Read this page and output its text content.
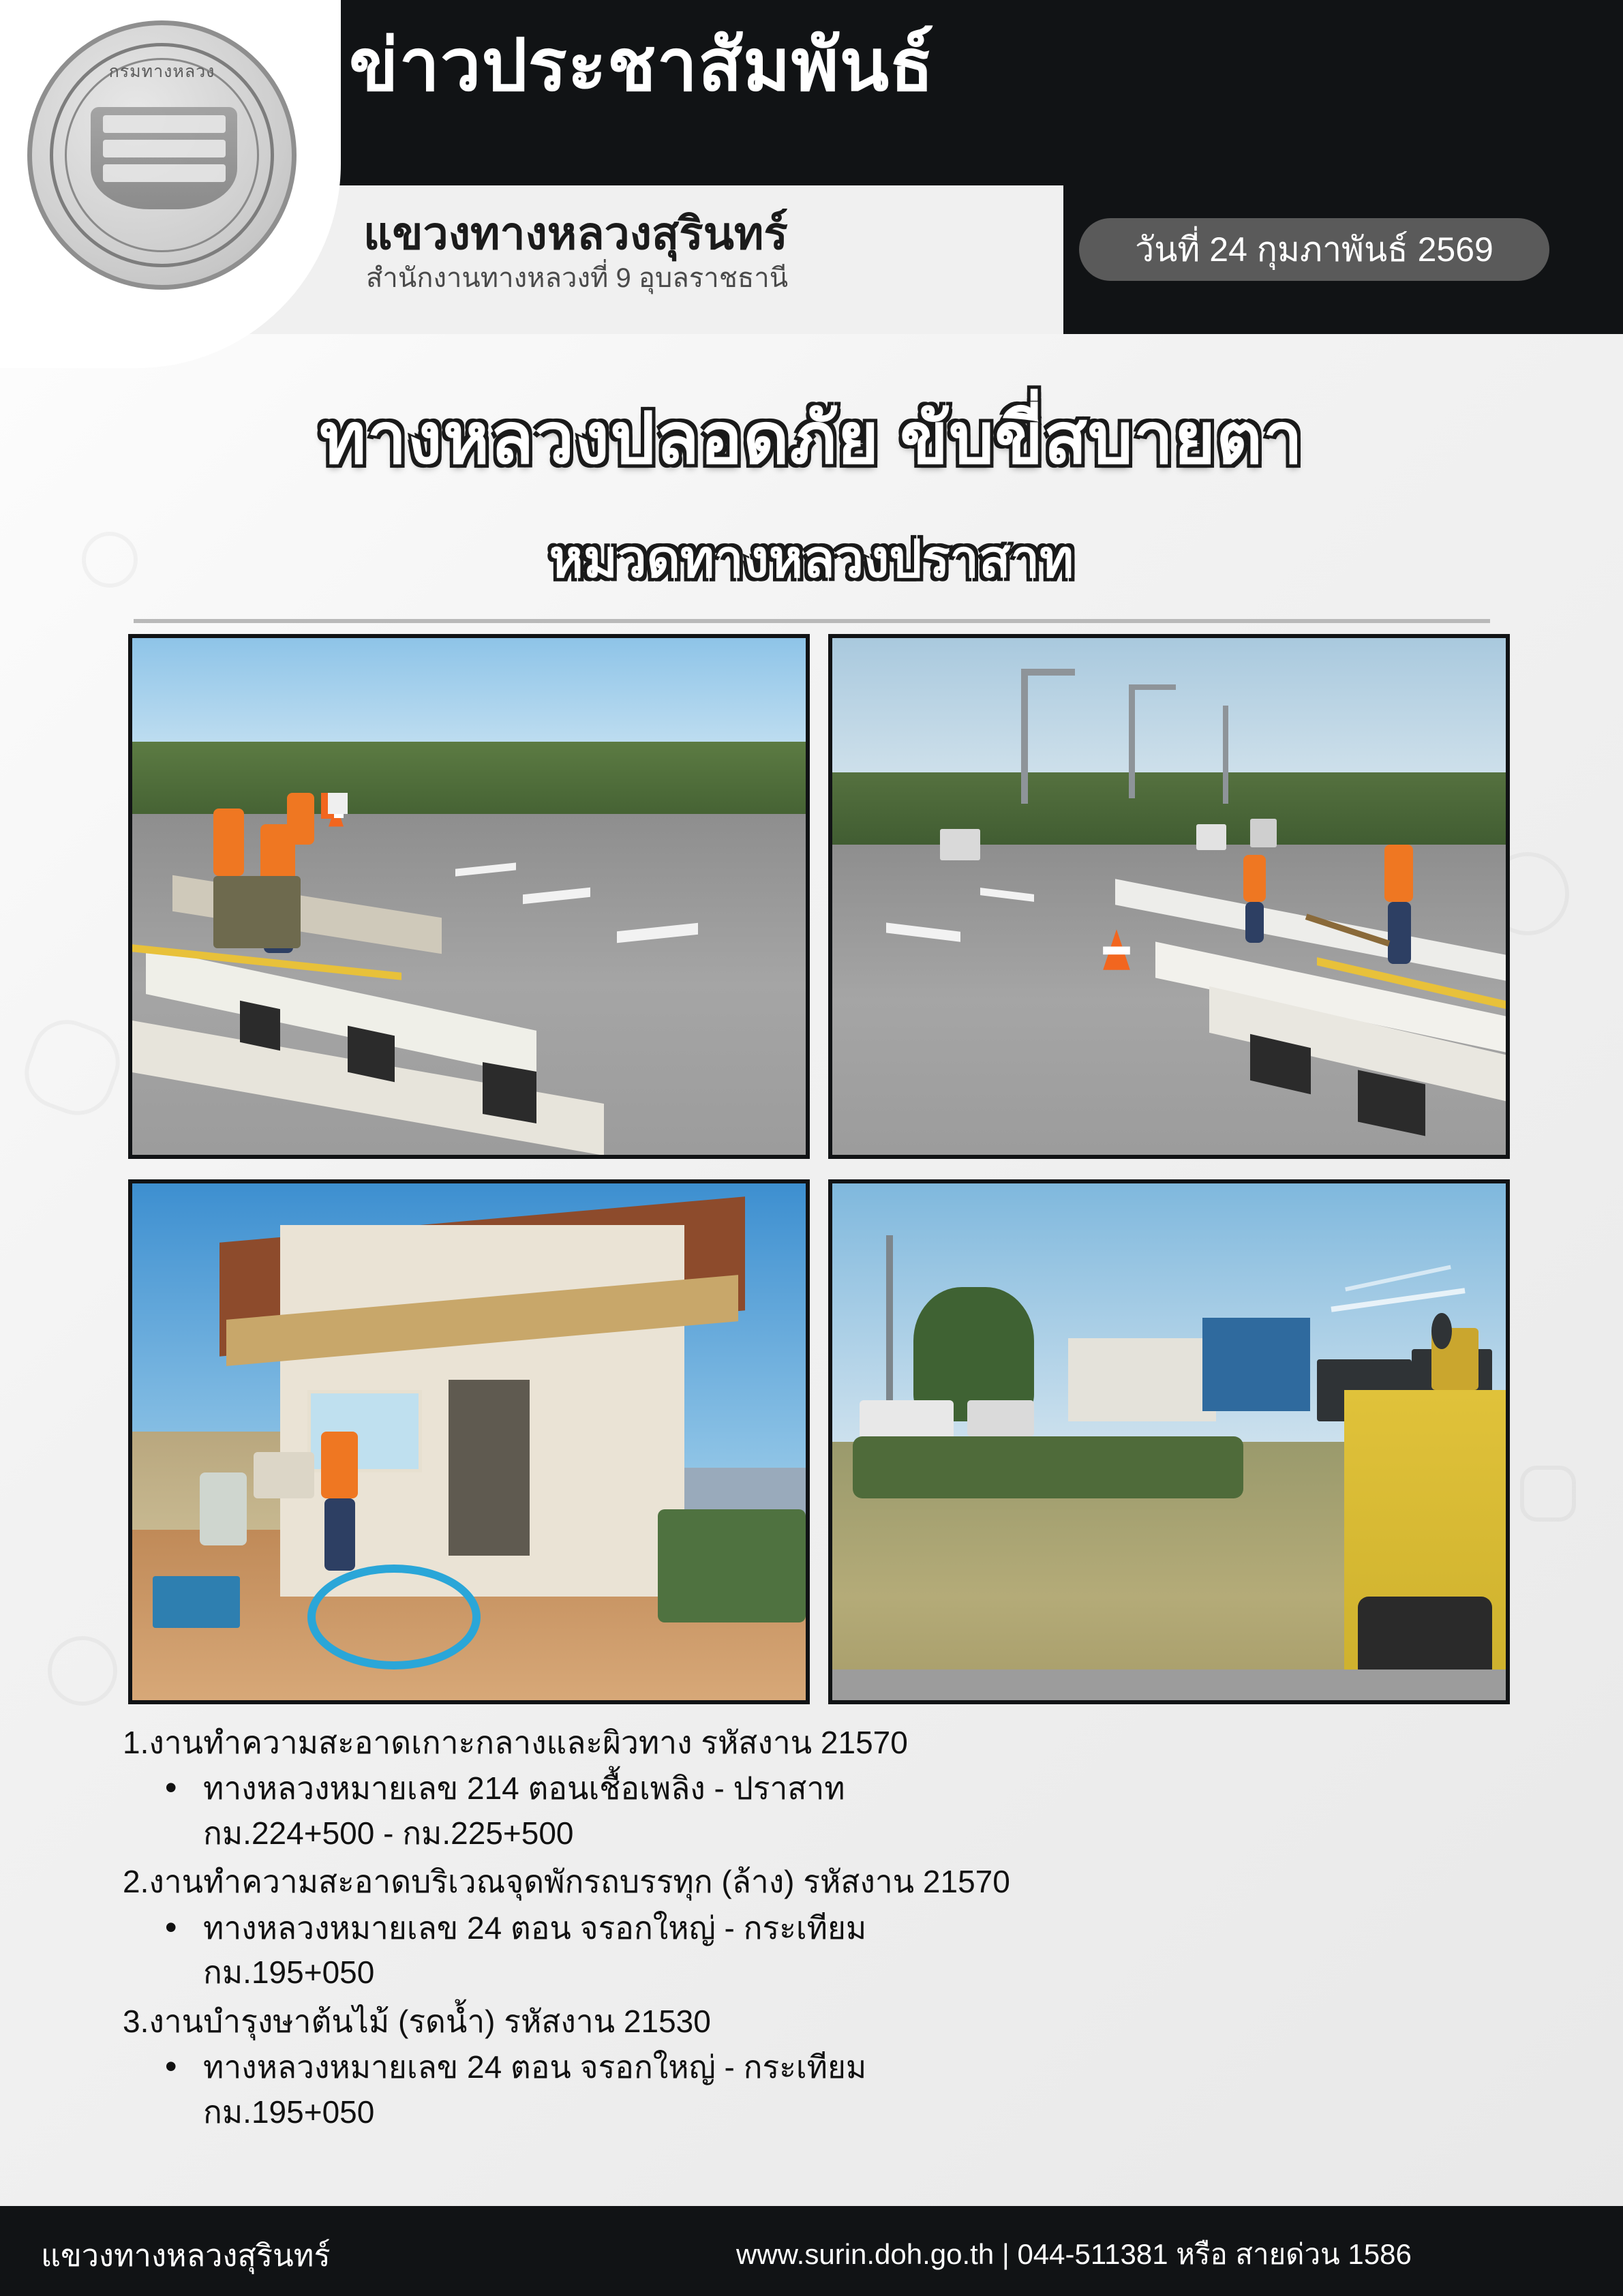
กรมทางหลวง	ข่าวประชาสัมพันธ์
แขวงทางหลวงสุรินทร์
สำนักงานทางหลวงที่ 9 อุบลราชธานี
วันที่ 24 กุมภาพันธ์ 2569
ทางหลวงปลอดภัย ขับขี่สบายตา
หมวดทางหลวงปราสาท

1.งานทำความสะอาดเกาะกลางและผิวทาง รหัสงาน 21570

• ทางหลวงหมายเลข 214 ตอนเชื้อเพลิง - ปราสาท

กม.224+500 - กม.225+500

2.งานทำความสะอาดบริเวณจุดพักรถบรรทุก (ล้าง) รหัสงาน 21570

• ทางหลวงหมายเลข 24 ตอน จรอกใหญ่ - กระเทียม

กม.195+050

3.งานบำรุงษาต้นไม้ (รดน้ำ) รหัสงาน 21530

• ทางหลวงหมายเลข 24 ตอน จรอกใหญ่ - กระเทียม

กม.195+050

แขวงทางหลวงสุรินทร์	www.surin.doh.go.th | 044-511381 หรือ สายด่วน 1586
